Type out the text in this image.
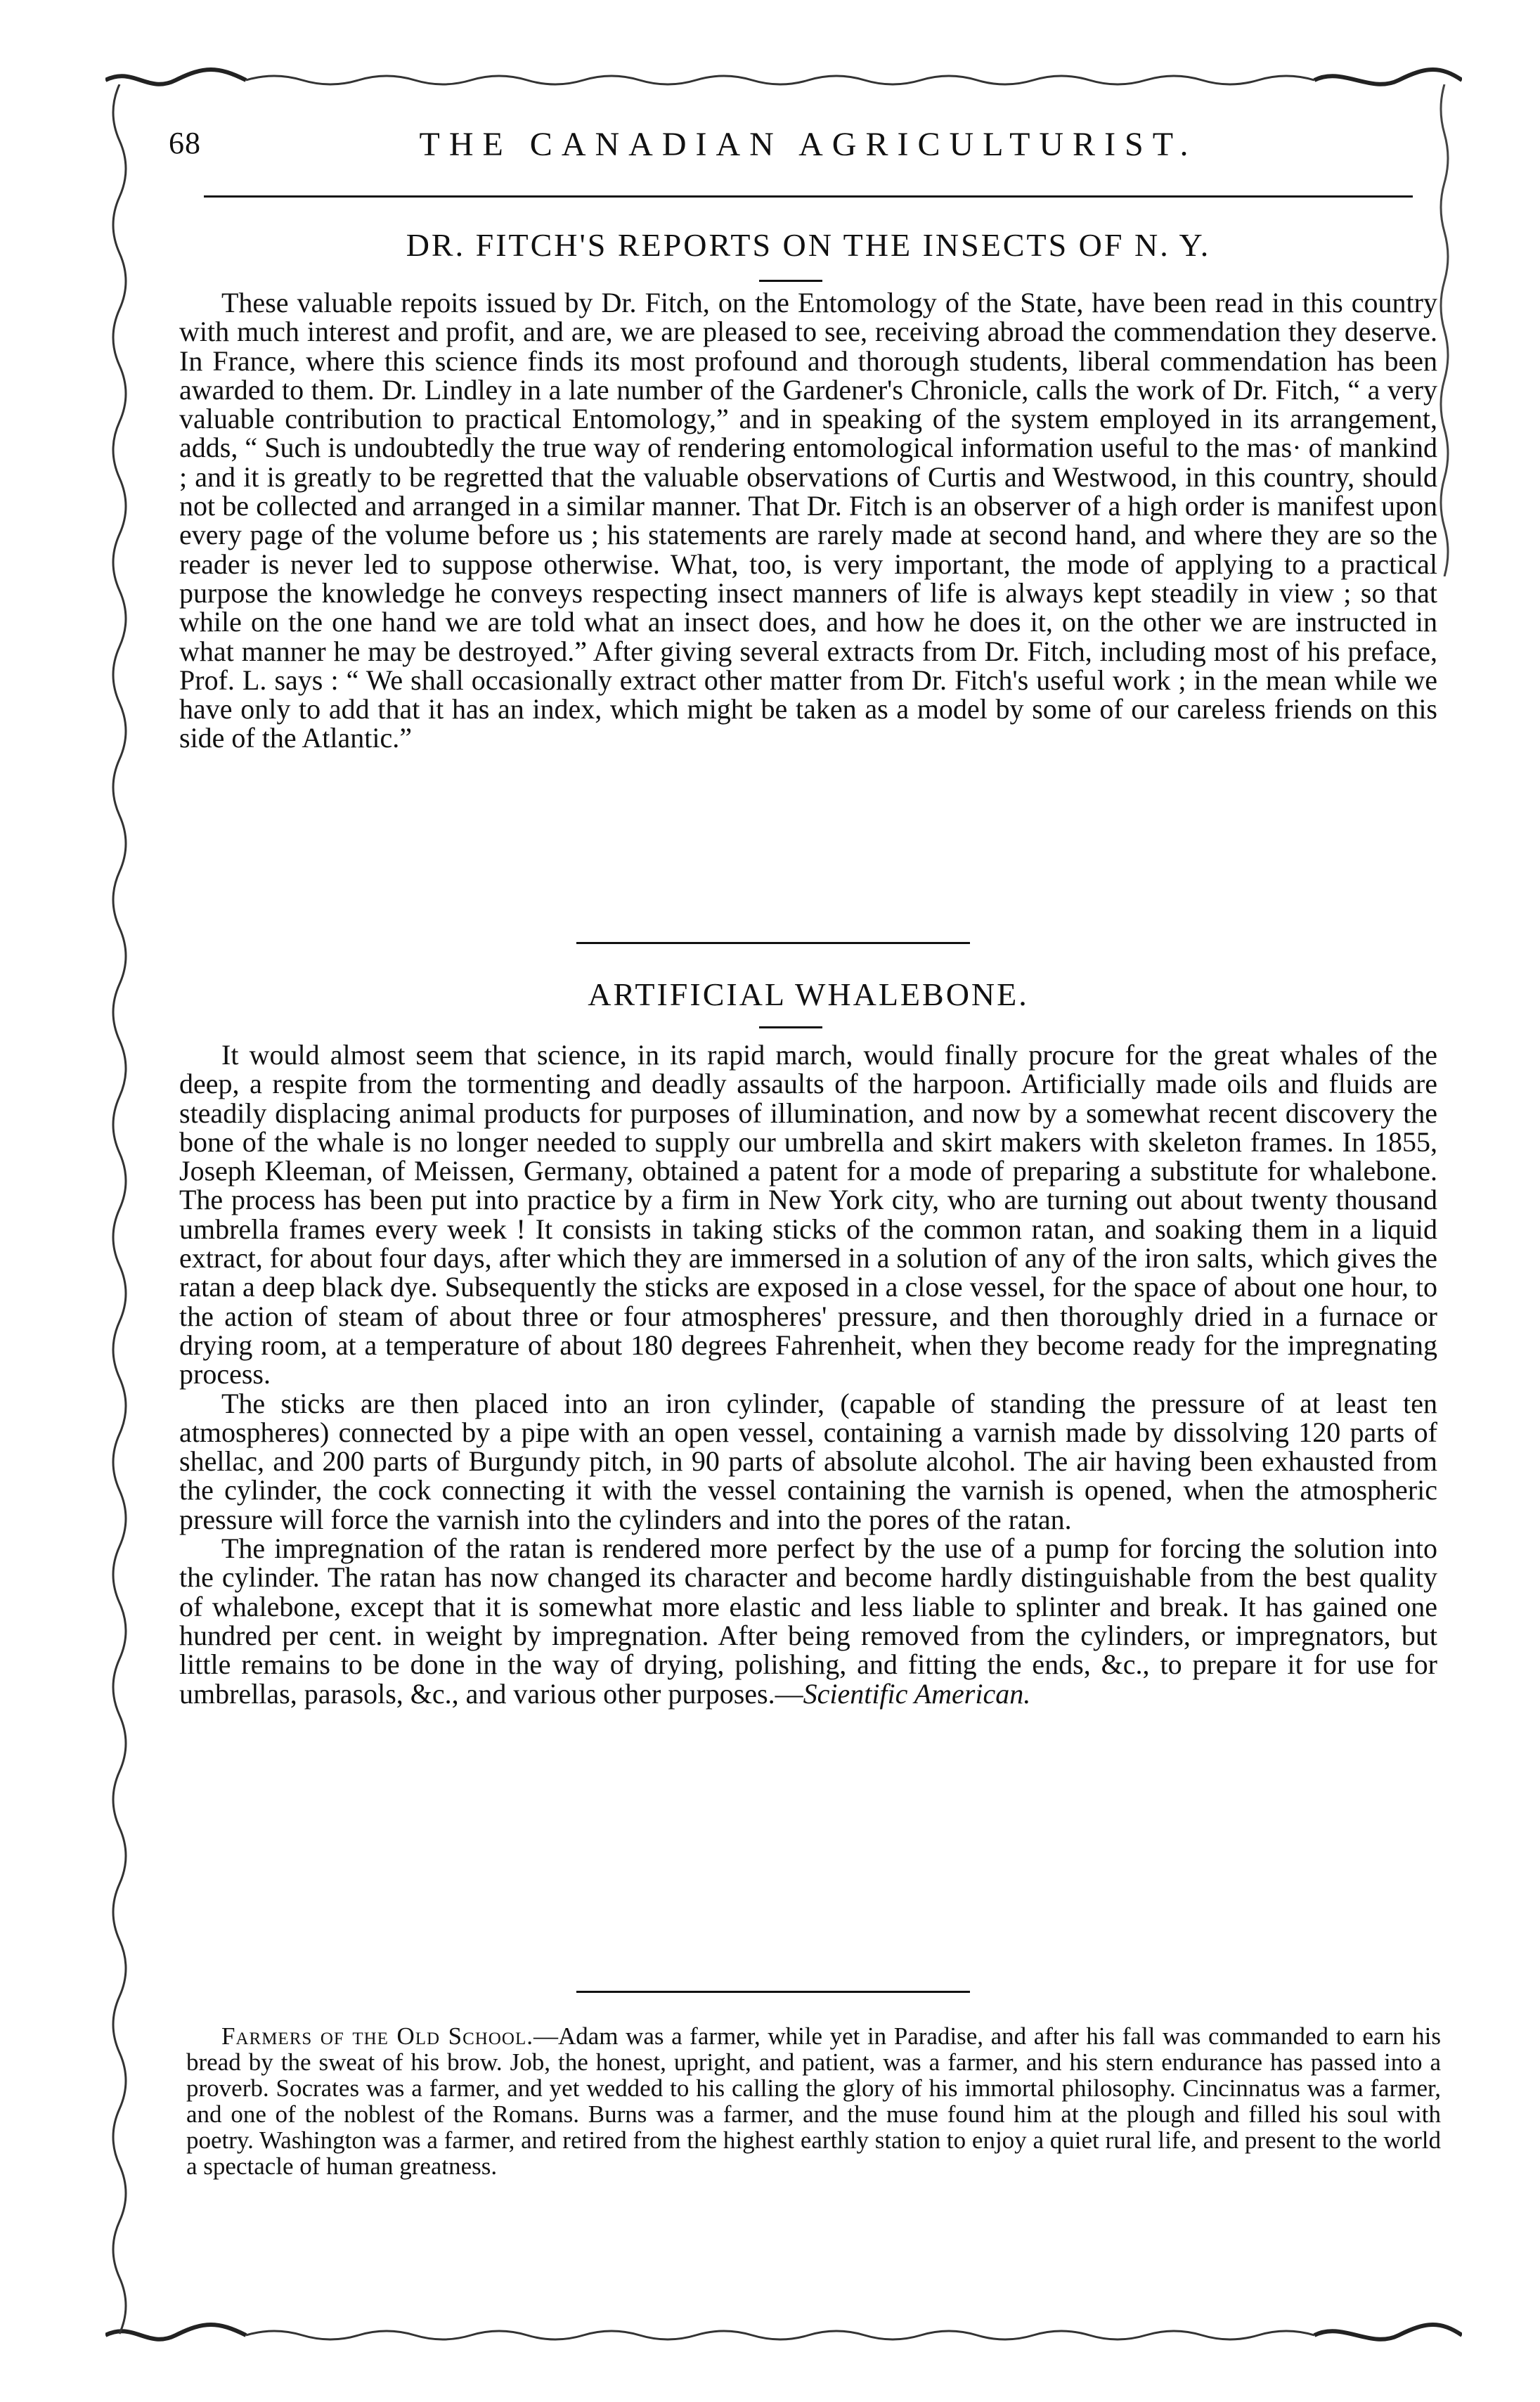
68	THE CANADIAN AGRICULTURIST.
DR. FITCH'S REPORTS ON THE INSECTS OF N. Y.

These valuable repoits issued by Dr. Fitch, on the Entomology of the State, have been read in this country with much interest and profit, and are, we are pleased to see, receiving abroad the commendation they deserve. In France, where this science finds its most profound and thorough students, liberal commendation has been awarded to them. Dr. Lindley in a late number of the Gardener's Chronicle, calls the work of Dr. Fitch, “ a very valuable contribution to practical Entomology,” and in speaking of the system employed in its arrangement, adds, “ Such is undoubtedly the true way of rendering entomological information useful to the mas· of mankind ; and it is greatly to be regretted that the valuable observations of Curtis and Westwood, in this country, should not be collected and arranged in a similar manner. That Dr. Fitch is an observer of a high order is manifest upon every page of the volume before us ; his statements are rarely made at second hand, and where they are so the reader is never led to suppose otherwise. What, too, is very important, the mode of applying to a practical purpose the knowledge he conveys respecting insect manners of life is always kept steadily in view ; so that while on the one hand we are told what an insect does, and how he does it, on the other we are instructed in what manner he may be destroyed.” After giving several extracts from Dr. Fitch, including most of his preface, Prof. L. says : “ We shall occasionally extract other matter from Dr. Fitch's useful work ; in the mean while we have only to add that it has an index, which might be taken as a model by some of our careless friends on this side of the Atlantic.”

ARTIFICIAL WHALEBONE.

It would almost seem that science, in its rapid march, would finally procure for the great whales of the deep, a respite from the tormenting and deadly assaults of the harpoon. Artificially made oils and fluids are steadily displacing animal products for purposes of illumination, and now by a somewhat recent discovery the bone of the whale is no longer needed to supply our umbrella and skirt makers with skeleton frames. In 1855, Joseph Kleeman, of Meissen, Germany, obtained a patent for a mode of preparing a substitute for whalebone. The process has been put into practice by a firm in New York city, who are turning out about twenty thousand umbrella frames every week ! It consists in taking sticks of the common ratan, and soaking them in a liquid extract, for about four days, after which they are immersed in a solution of any of the iron salts, which gives the ratan a deep black dye. Subsequently the sticks are exposed in a close vessel, for the space of about one hour, to the action of steam of about three or four atmospheres' pressure, and then thoroughly dried in a furnace or drying room, at a temperature of about 180 degrees Fahrenheit, when they become ready for the impregnating process.

The sticks are then placed into an iron cylinder, (capable of standing the pressure of at least ten atmospheres) connected by a pipe with an open vessel, containing a varnish made by dissolving 120 parts of shellac, and 200 parts of Burgundy pitch, in 90 parts of absolute alcohol. The air having been exhausted from the cylinder, the cock connecting it with the vessel containing the varnish is opened, when the atmospheric pressure will force the varnish into the cylinders and into the pores of the ratan.

The impregnation of the ratan is rendered more perfect by the use of a pump for forcing the solution into the cylinder. The ratan has now changed its character and become hardly distinguishable from the best quality of whalebone, except that it is somewhat more elastic and less liable to splinter and break. It has gained one hundred per cent. in weight by impregnation. After being removed from the cylinders, or impregnators, but little remains to be done in the way of drying, polishing, and fitting the ends, &c., to prepare it for use for umbrellas, parasols, &c., and various other purposes.—Scientific American.

Farmers of the Old School.—Adam was a farmer, while yet in Paradise, and after his fall was commanded to earn his bread by the sweat of his brow. Job, the honest, upright, and patient, was a farmer, and his stern endurance has passed into a proverb. Socrates was a farmer, and yet wedded to his calling the glory of his immortal philosophy. Cincinnatus was a farmer, and one of the noblest of the Romans. Burns was a farmer, and the muse found him at the plough and filled his soul with poetry. Washington was a farmer, and retired from the highest earthly station to enjoy a quiet rural life, and present to the world a spectacle of human greatness.
